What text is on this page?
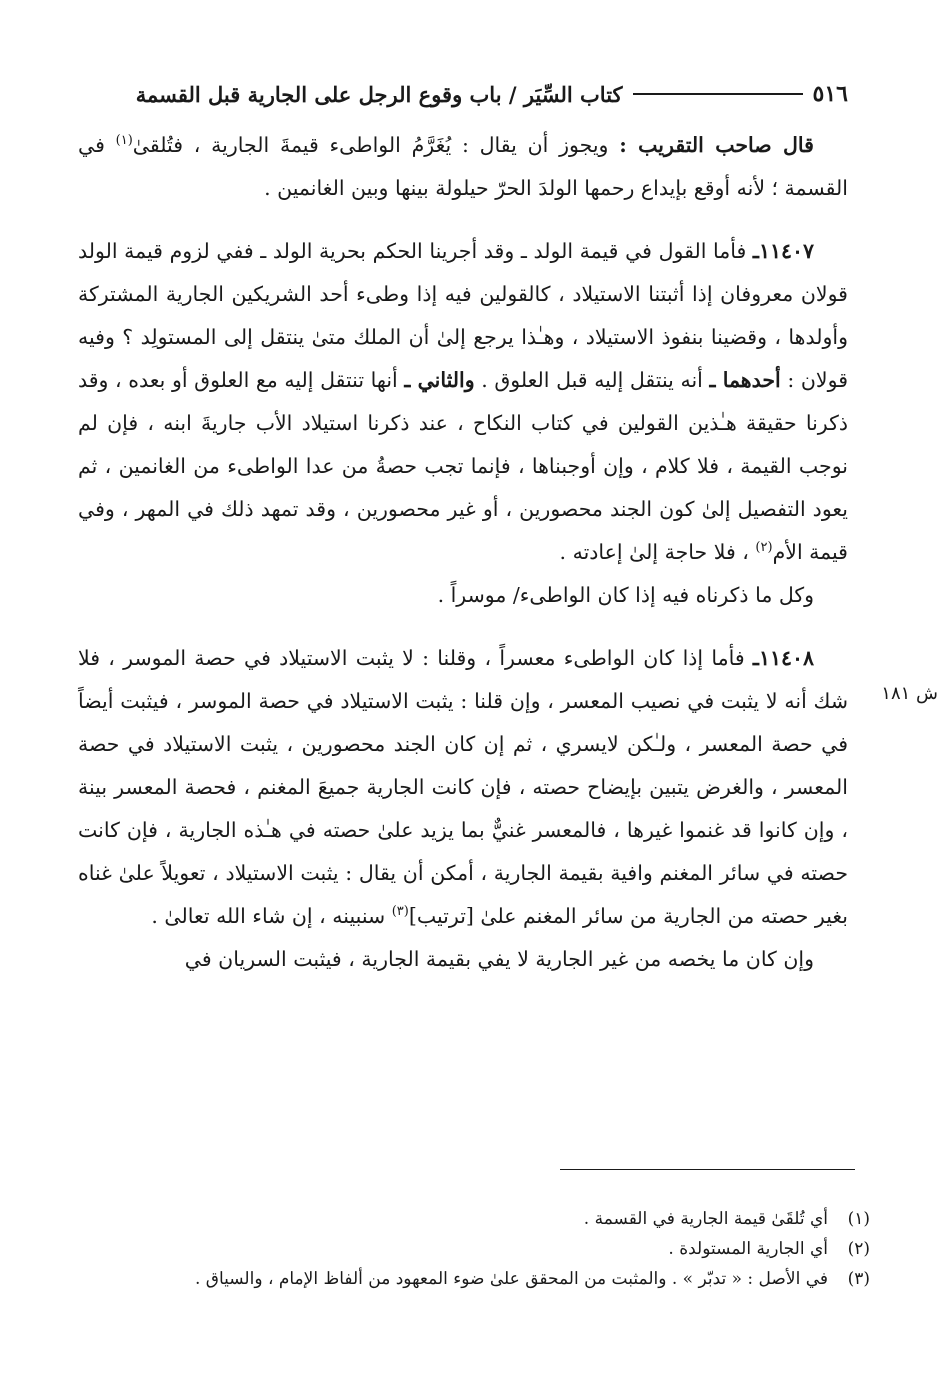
٥١٦
كتاب السِّيَر / باب وقوع الرجل على الجارية قبل القسمة
ش ١٨١

قال صاحب التقريب : ويجوز أن يقال : يُغَرَّمُ الواطىء قيمةَ الجارية ، فتُلقىٰ$^{(١)}$ في القسمة ؛ لأنه أوقع بإيداع رحمها الولدَ الحرّ حيلولة بينها وبين الغانمين .

١١٤٠٧ـ فأما القول في قيمة الولد ـ وقد أجرينا الحكم بحرية الولد ـ ففي لزوم قيمة الولد قولان معروفان إذا أثبتنا الاستيلاد ، كالقولين فيه إذا وطىء أحد الشريكين الجارية المشتركة وأولدها ، وقضينا بنفوذ الاستيلاد ، وهـٰذا يرجع إلىٰ أن الملك متىٰ ينتقل إلى المستولِد ؟ وفيه قولان : أحدهما ـ أنه ينتقل إليه قبل العلوق . والثاني ـ أنها تنتقل إليه مع العلوق أو بعده ، وقد ذكرنا حقيقة هـٰذين القولين في كتاب النكاح ، عند ذكرنا استيلاد الأب جاريةَ ابنه ، فإن لم نوجب القيمة ، فلا كلام ، وإن أوجبناها ، فإنما تجب حصةُ من عدا الواطىء من الغانمين ، ثم يعود التفصيل إلىٰ كون الجند محصورين ، أو غير محصورين ، وقد تمهد ذلك في المهر ، وفي قيمة الأم$^{(٢)}$ ، فلا حاجة إلىٰ إعادته .

وكل ما ذكرناه فيه إذا كان الواطىء/ موسراً .

١١٤٠٨ـ فأما إذا كان الواطىء معسراً ، وقلنا : لا يثبت الاستيلاد في حصة الموسر ، فلا شك أنه لا يثبت في نصيب المعسر ، وإن قلنا : يثبت الاستيلاد في حصة الموسر ، فيثبت أيضاً في حصة المعسر ، ولـٰكن لايسري ، ثم إن كان الجند محصورين ، يثبت الاستيلاد في حصة المعسر ، والغرض يتبين بإيضاح حصته ، فإن كانت الجارية جميعَ المغنم ، فحصة المعسر بينة ، وإن كانوا قد غنموا غيرها ، فالمعسر غنيٌّ بما يزيد علىٰ حصته في هـٰذه الجارية ، فإن كانت حصته في سائر المغنم وافية بقيمة الجارية ، أمكن أن يقال : يثبت الاستيلاد ، تعويلاً علىٰ غناه بغير حصته من الجارية من سائر المغنم علىٰ [ترتيب]$^{(٣)}$ سنبينه ، إن شاء الله تعالىٰ .

وإن كان ما يخصه من غير الجارية لا يفي بقيمة الجارية ، فيثبت السريان في

(١)
أي تُلقَىٰ قيمة الجارية في القسمة .
(٢)
أي الجارية المستولدة .
(٣)
في الأصل : « تدبّر » . والمثبت من المحقق علىٰ ضوء المعهود من ألفاظ الإمام ، والسياق .
